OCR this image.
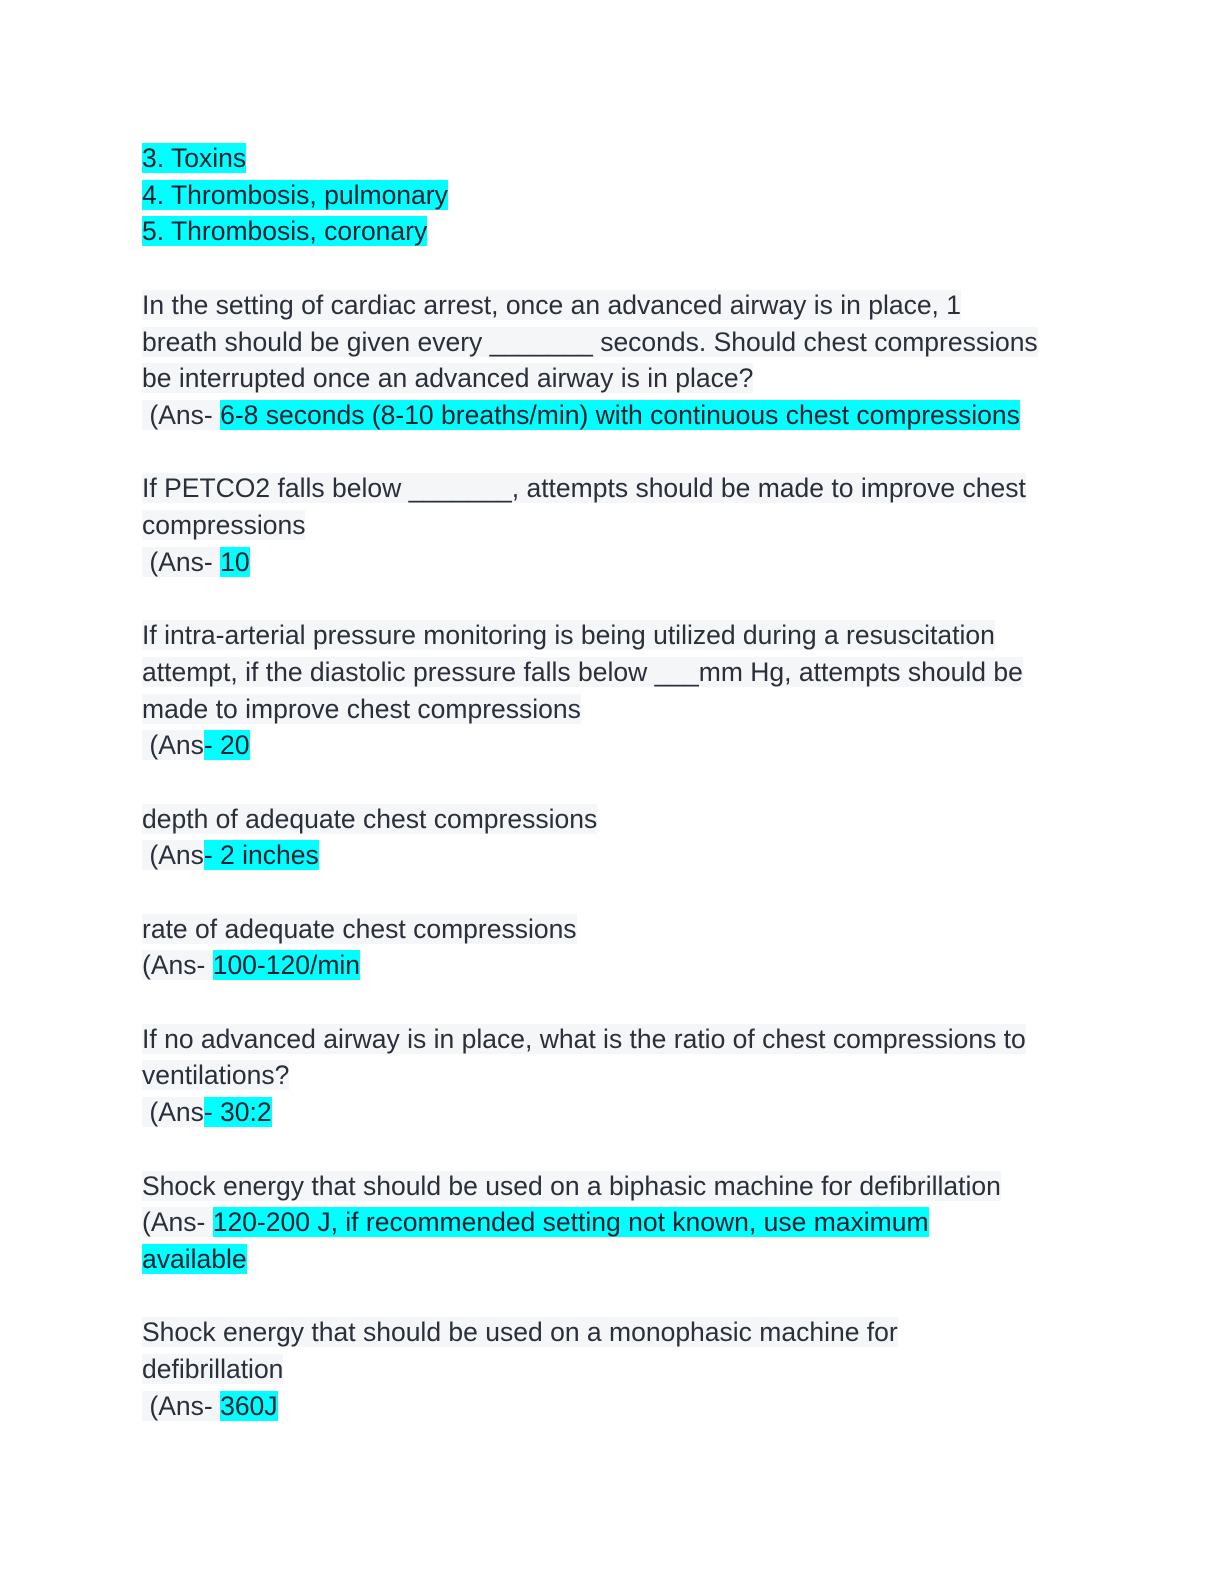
3. Toxins
4. Thrombosis, pulmonary
5. Thrombosis, coronary
In the setting of cardiac arrest, once an advanced airway is in place, 1
breath should be given every _______ seconds. Should chest compressions
be interrupted once an advanced airway is in place?
(Ans- 6-8 seconds (8-10 breaths/min) with continuous chest compressions
If PETCO2 falls below _______, attempts should be made to improve chest
compressions
(Ans- 10
If intra-arterial pressure monitoring is being utilized during a resuscitation
attempt, if the diastolic pressure falls below ___mm Hg, attempts should be
made to improve chest compressions
(Ans- 20
depth of adequate chest compressions
(Ans- 2 inches
rate of adequate chest compressions
(Ans- 100-120/min
If no advanced airway is in place, what is the ratio of chest compressions to
ventilations?
(Ans- 30:2
Shock energy that should be used on a biphasic machine for defibrillation
(Ans- 120-200 J, if recommended setting not known, use maximum
available
Shock energy that should be used on a monophasic machine for
defibrillation
(Ans- 360J
